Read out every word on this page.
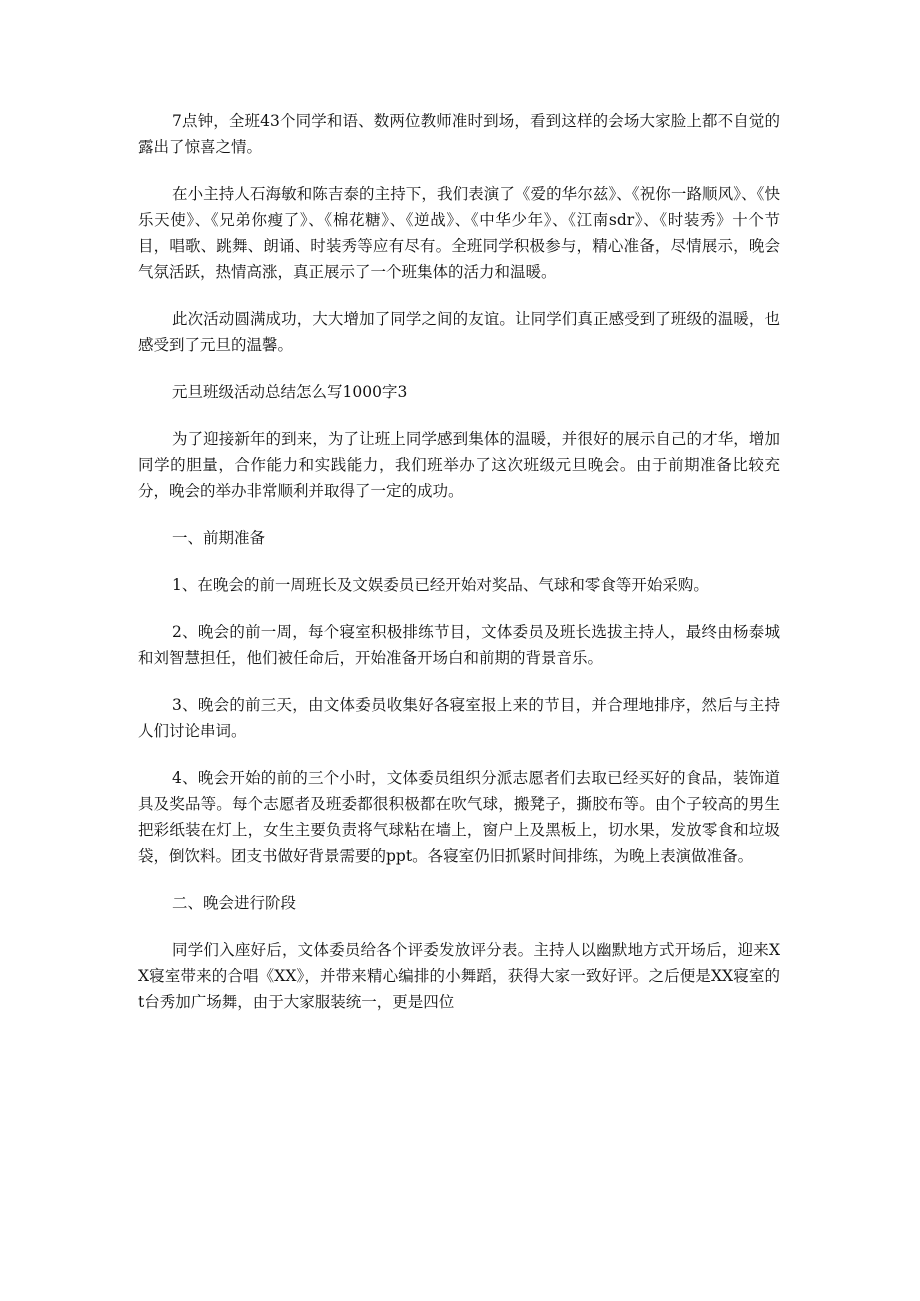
7点钟，全班43个同学和语、数两位教师准时到场，看到这样的会场大家脸上都不自觉的露出了惊喜之情。

在小主持人石海敏和陈吉泰的主持下，我们表演了《爱的华尔兹》、《祝你一路顺风》、《快乐天使》、《兄弟你瘦了》、《棉花糖》、《逆战》、《中华少年》、《江南sdr》、《时装秀》十个节目，唱歌、跳舞、朗诵、时装秀等应有尽有。全班同学积极参与，精心准备，尽情展示，晚会气氛活跃，热情高涨，真正展示了一个班集体的活力和温暖。

此次活动圆满成功，大大增加了同学之间的友谊。让同学们真正感受到了班级的温暖，也感受到了元旦的温馨。

元旦班级活动总结怎么写1000字3

为了迎接新年的到来，为了让班上同学感到集体的温暖，并很好的展示自己的才华，增加同学的胆量，合作能力和实践能力，我们班举办了这次班级元旦晚会。由于前期准备比较充分，晚会的举办非常顺利并取得了一定的成功。

一、前期准备

1、在晚会的前一周班长及文娱委员已经开始对奖品、气球和零食等开始采购。

2、晚会的前一周，每个寝室积极排练节目，文体委员及班长选拔主持人，最终由杨泰城和刘智慧担任，他们被任命后，开始准备开场白和前期的背景音乐。

3、晚会的前三天，由文体委员收集好各寝室报上来的节目，并合理地排序，然后与主持人们讨论串词。

4、晚会开始的前的三个小时，文体委员组织分派志愿者们去取已经买好的食品，装饰道具及奖品等。每个志愿者及班委都很积极都在吹气球，搬凳子，撕胶布等。由个子较高的男生把彩纸装在灯上，女生主要负责将气球粘在墙上，窗户上及黑板上，切水果，发放零食和垃圾袋，倒饮料。团支书做好背景需要的ppt。各寝室仍旧抓紧时间排练，为晚上表演做准备。

二、晚会进行阶段

同学们入座好后，文体委员给各个评委发放评分表。主持人以幽默地方式开场后，迎来XX寝室带来的合唱《XX》，并带来精心编排的小舞蹈，获得大家一致好评。之后便是XX寝室的t台秀加广场舞，由于大家服装统一，更是四位
